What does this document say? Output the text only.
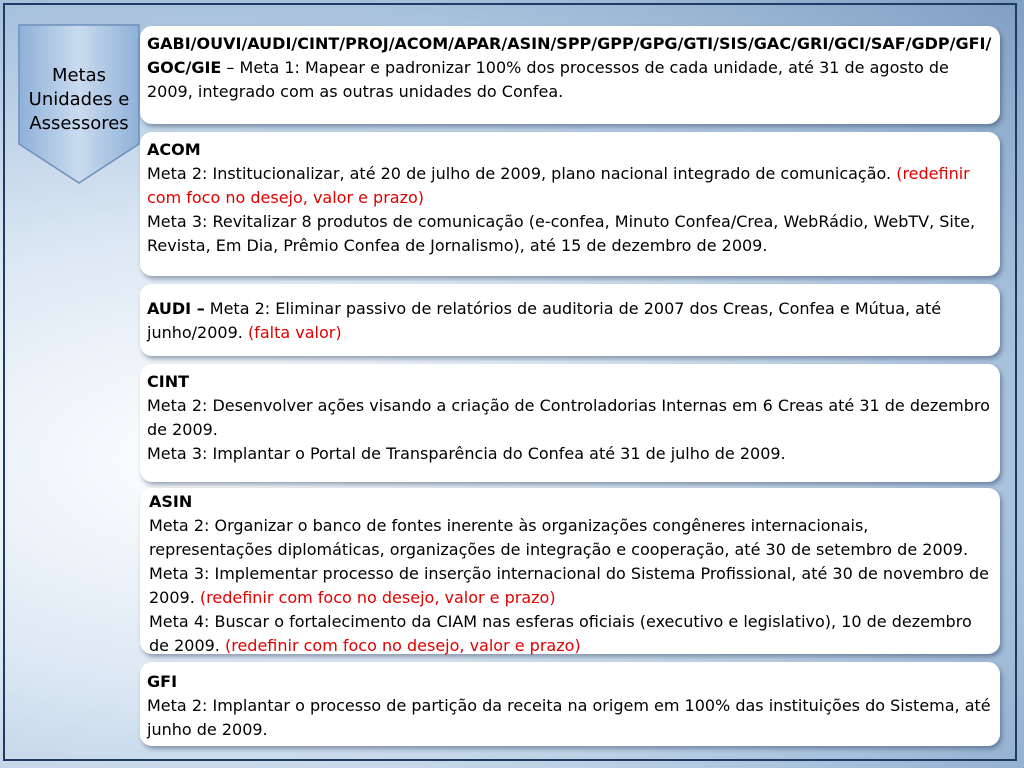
Metas
Unidades e
Assessores
GABI/OUVI/AUDI/CINT/PROJ/ACOM/APAR/ASIN/SPP/GPP/GPG/GTI/SIS/GAC/GRI/GCI/SAF/GDP/GFI/ GOC/GIE – Meta 1: Mapear e padronizar 100% dos processos de cada unidade, até 31 de agosto de 2009, integrado com as outras unidades do Confea.
ACOM
Meta 2: Institucionalizar, até 20 de julho de 2009, plano nacional integrado de comunicação. (redefinir com foco no desejo, valor e prazo)
Meta 3: Revitalizar 8 produtos de comunicação (e-confea, Minuto Confea/Crea, WebRádio, WebTV, Site, Revista, Em Dia, Prêmio Confea de Jornalismo), até 15 de dezembro de 2009.
AUDI – Meta 2: Eliminar passivo de relatórios de auditoria de 2007 dos Creas, Confea e Mútua, até junho/2009. (falta valor)
CINT
Meta 2: Desenvolver ações visando a criação de Controladorias Internas em 6 Creas até 31 de dezembro de 2009.
Meta 3: Implantar o Portal de Transparência do Confea até 31 de julho de 2009.
ASIN
Meta 2: Organizar o banco de fontes inerente às organizações congêneres internacionais, representações diplomáticas, organizações de integração e cooperação, até 30 de setembro de 2009.
Meta 3: Implementar processo de inserção internacional do Sistema Profissional, até 30 de novembro de 2009. (redefinir com foco no desejo, valor e prazo)
Meta 4: Buscar o fortalecimento da CIAM nas esferas oficiais (executivo e legislativo), 10 de dezembro de 2009. (redefinir com foco no desejo, valor e prazo)
GFI
Meta 2: Implantar o processo de partição da receita na origem em 100% das instituições do Sistema, até junho de 2009.
